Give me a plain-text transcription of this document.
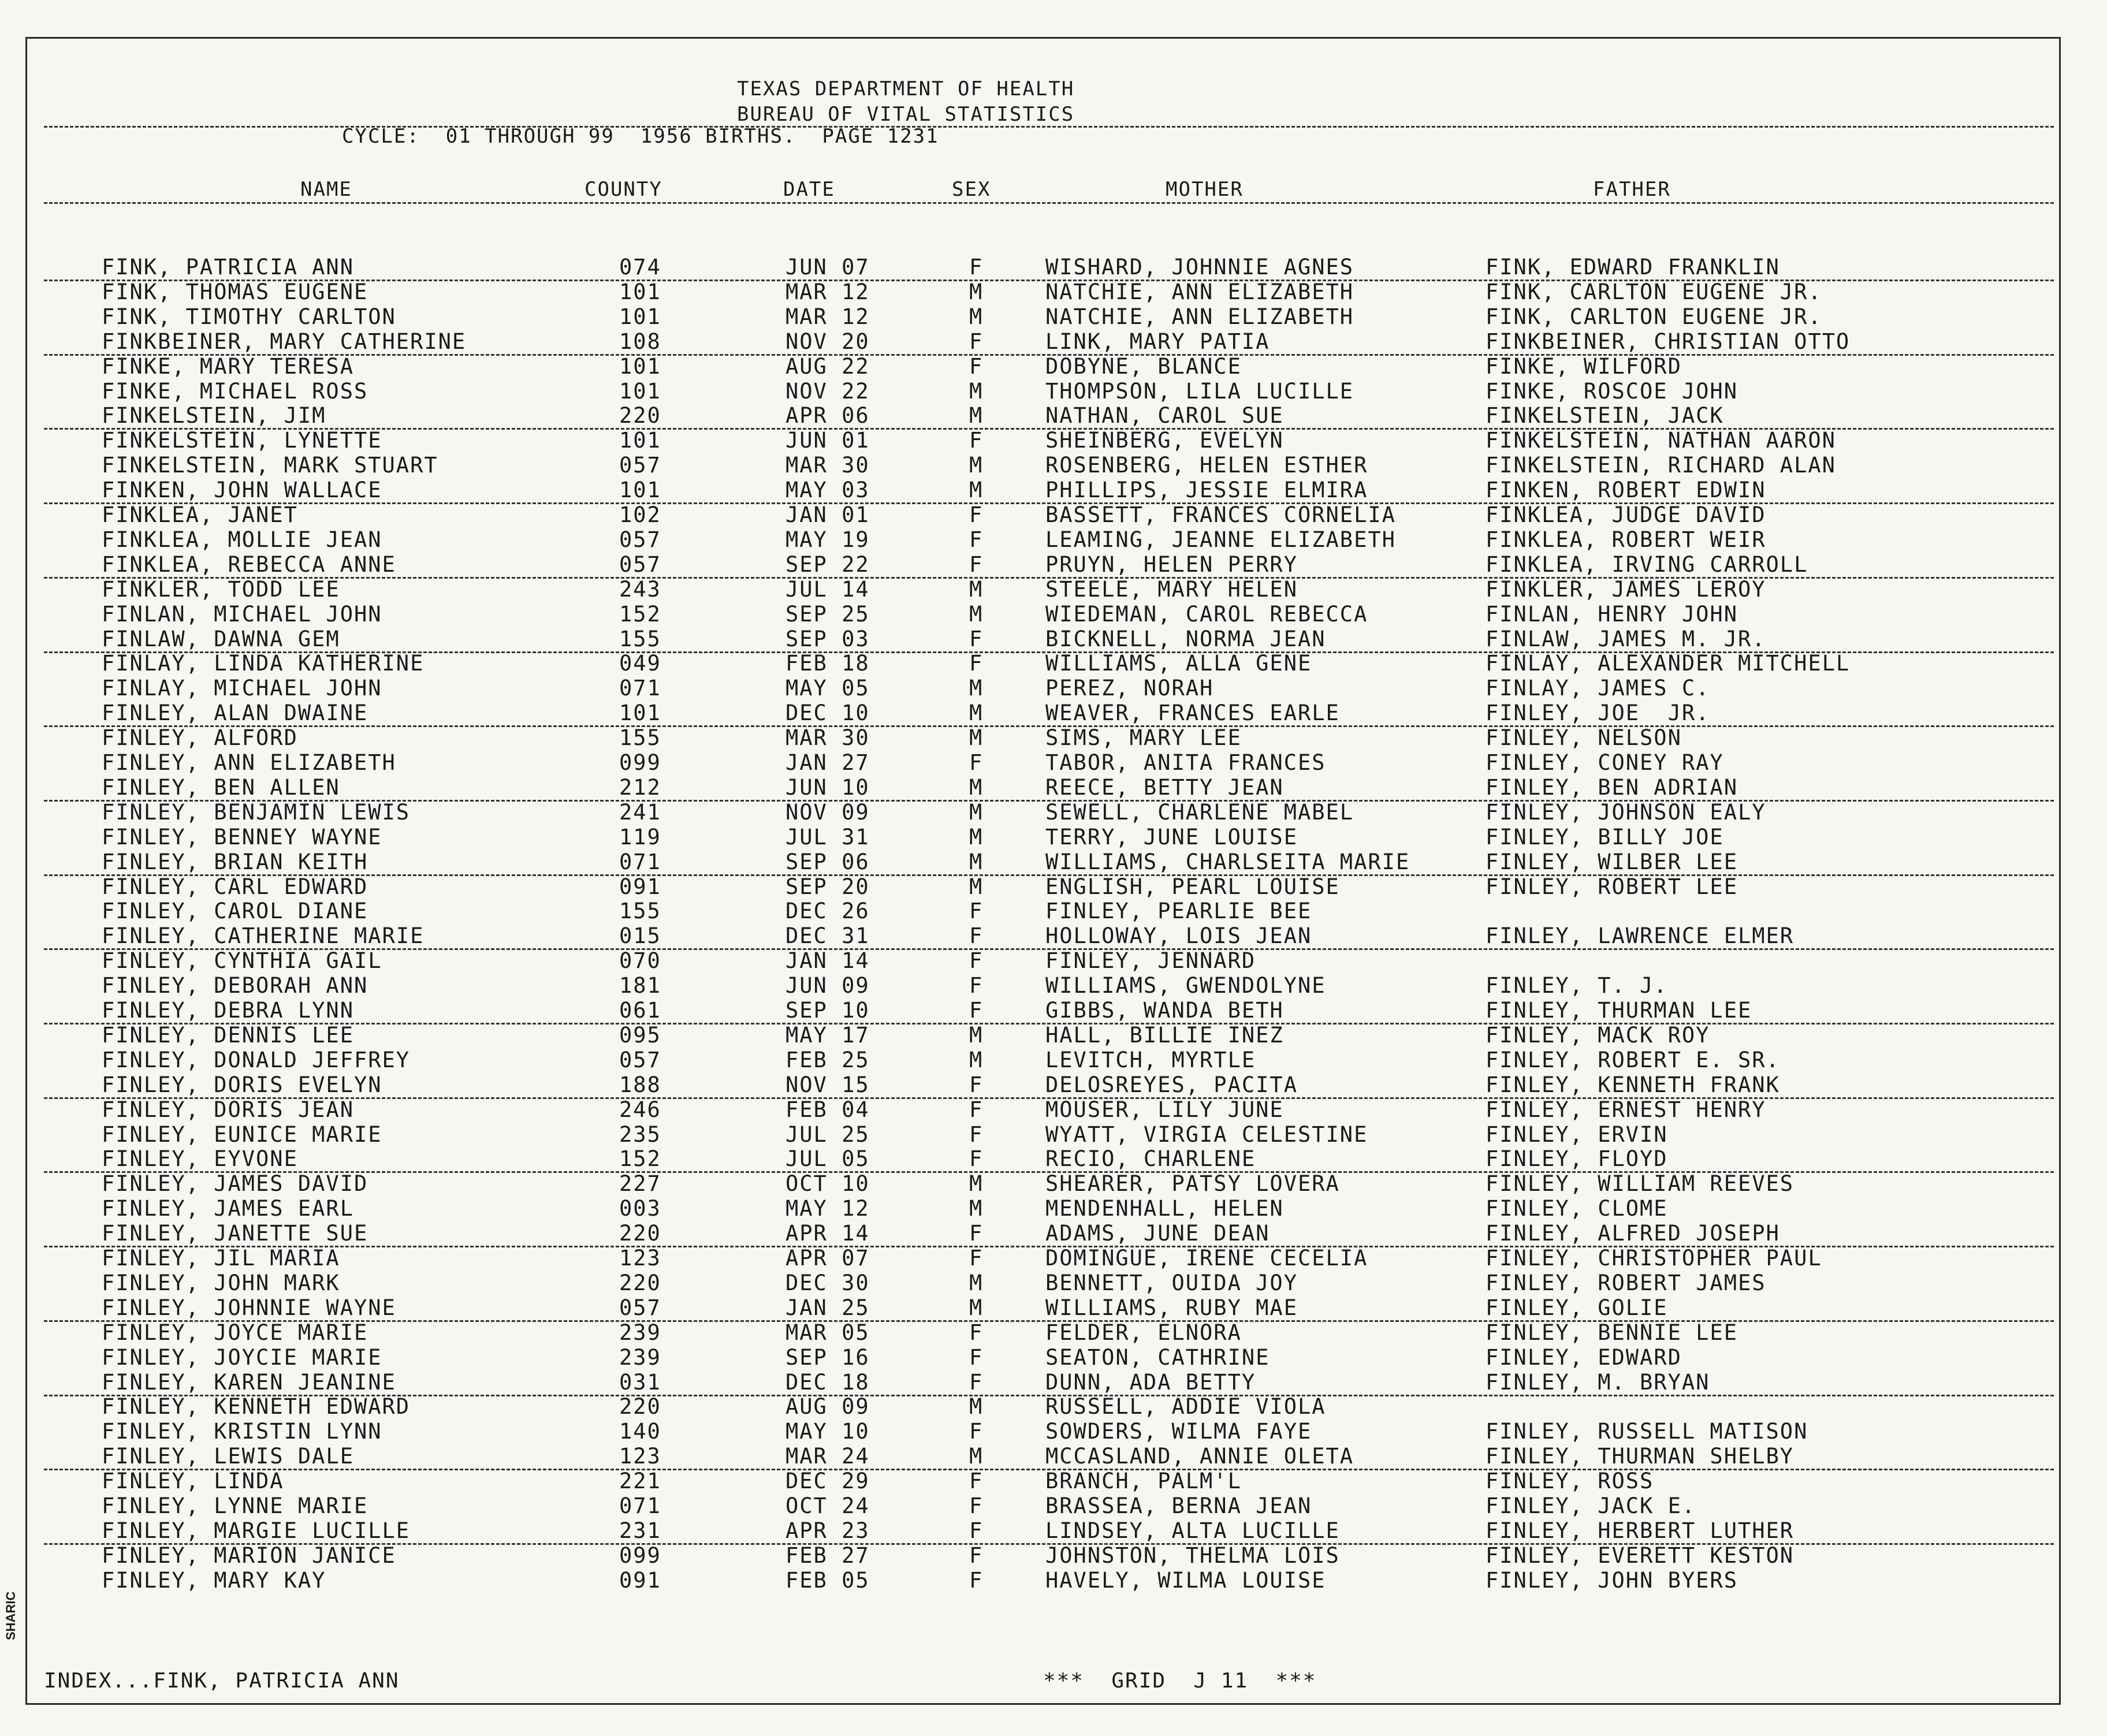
TEXAS DEPARTMENT OF HEALTH
BUREAU OF VITAL STATISTICS
CYCLE:  01 THROUGH 99  1956 BIRTHS.  PAGE 1231
NAME	COUNTY	DATE	SEX	MOTHER	FATHER
FINK, PATRICIA ANN	074	JUN 07	F	WISHARD, JOHNNIE AGNES	FINK, EDWARD FRANKLIN
FINK, THOMAS EUGENE	101	MAR 12	M	NATCHIE, ANN ELIZABETH	FINK, CARLTON EUGENE JR.
FINK, TIMOTHY CARLTON	101	MAR 12	M	NATCHIE, ANN ELIZABETH	FINK, CARLTON EUGENE JR.
FINKBEINER, MARY CATHERINE	108	NOV 20	F	LINK, MARY PATIA	FINKBEINER, CHRISTIAN OTTO
FINKE, MARY TERESA	101	AUG 22	F	DOBYNE, BLANCE	FINKE, WILFORD
FINKE, MICHAEL ROSS	101	NOV 22	M	THOMPSON, LILA LUCILLE	FINKE, ROSCOE JOHN
FINKELSTEIN, JIM	220	APR 06	M	NATHAN, CAROL SUE	FINKELSTEIN, JACK
FINKELSTEIN, LYNETTE	101	JUN 01	F	SHEINBERG, EVELYN	FINKELSTEIN, NATHAN AARON
FINKELSTEIN, MARK STUART	057	MAR 30	M	ROSENBERG, HELEN ESTHER	FINKELSTEIN, RICHARD ALAN
FINKEN, JOHN WALLACE	101	MAY 03	M	PHILLIPS, JESSIE ELMIRA	FINKEN, ROBERT EDWIN
FINKLEA, JANET	102	JAN 01	F	BASSETT, FRANCES CORNELIA	FINKLEA, JUDGE DAVID
FINKLEA, MOLLIE JEAN	057	MAY 19	F	LEAMING, JEANNE ELIZABETH	FINKLEA, ROBERT WEIR
FINKLEA, REBECCA ANNE	057	SEP 22	F	PRUYN, HELEN PERRY	FINKLEA, IRVING CARROLL
FINKLER, TODD LEE	243	JUL 14	M	STEELE, MARY HELEN	FINKLER, JAMES LEROY
FINLAN, MICHAEL JOHN	152	SEP 25	M	WIEDEMAN, CAROL REBECCA	FINLAN, HENRY JOHN
FINLAW, DAWNA GEM	155	SEP 03	F	BICKNELL, NORMA JEAN	FINLAW, JAMES M. JR.
FINLAY, LINDA KATHERINE	049	FEB 18	F	WILLIAMS, ALLA GENE	FINLAY, ALEXANDER MITCHELL
FINLAY, MICHAEL JOHN	071	MAY 05	M	PEREZ, NORAH	FINLAY, JAMES C.
FINLEY, ALAN DWAINE	101	DEC 10	M	WEAVER, FRANCES EARLE	FINLEY, JOE  JR.
FINLEY, ALFORD	155	MAR 30	M	SIMS, MARY LEE	FINLEY, NELSON
FINLEY, ANN ELIZABETH	099	JAN 27	F	TABOR, ANITA FRANCES	FINLEY, CONEY RAY
FINLEY, BEN ALLEN	212	JUN 10	M	REECE, BETTY JEAN	FINLEY, BEN ADRIAN
FINLEY, BENJAMIN LEWIS	241	NOV 09	M	SEWELL, CHARLENE MABEL	FINLEY, JOHNSON EALY
FINLEY, BENNEY WAYNE	119	JUL 31	M	TERRY, JUNE LOUISE	FINLEY, BILLY JOE
FINLEY, BRIAN KEITH	071	SEP 06	M	WILLIAMS, CHARLSEITA MARIE	FINLEY, WILBER LEE
FINLEY, CARL EDWARD	091	SEP 20	M	ENGLISH, PEARL LOUISE	FINLEY, ROBERT LEE
FINLEY, CAROL DIANE	155	DEC 26	F	FINLEY, PEARLIE BEE
FINLEY, CATHERINE MARIE	015	DEC 31	F	HOLLOWAY, LOIS JEAN	FINLEY, LAWRENCE ELMER
FINLEY, CYNTHIA GAIL	070	JAN 14	F	FINLEY, JENNARD
FINLEY, DEBORAH ANN	181	JUN 09	F	WILLIAMS, GWENDOLYNE	FINLEY, T. J.
FINLEY, DEBRA LYNN	061	SEP 10	F	GIBBS, WANDA BETH	FINLEY, THURMAN LEE
FINLEY, DENNIS LEE	095	MAY 17	M	HALL, BILLIE INEZ	FINLEY, MACK ROY
FINLEY, DONALD JEFFREY	057	FEB 25	M	LEVITCH, MYRTLE	FINLEY, ROBERT E. SR.
FINLEY, DORIS EVELYN	188	NOV 15	F	DELOSREYES, PACITA	FINLEY, KENNETH FRANK
FINLEY, DORIS JEAN	246	FEB 04	F	MOUSER, LILY JUNE	FINLEY, ERNEST HENRY
FINLEY, EUNICE MARIE	235	JUL 25	F	WYATT, VIRGIA CELESTINE	FINLEY, ERVIN
FINLEY, EYVONE	152	JUL 05	F	RECIO, CHARLENE	FINLEY, FLOYD
FINLEY, JAMES DAVID	227	OCT 10	M	SHEARER, PATSY LOVERA	FINLEY, WILLIAM REEVES
FINLEY, JAMES EARL	003	MAY 12	M	MENDENHALL, HELEN	FINLEY, CLOME
FINLEY, JANETTE SUE	220	APR 14	F	ADAMS, JUNE DEAN	FINLEY, ALFRED JOSEPH
FINLEY, JIL MARIA	123	APR 07	F	DOMINGUE, IRENE CECELIA	FINLEY, CHRISTOPHER PAUL
FINLEY, JOHN MARK	220	DEC 30	M	BENNETT, OUIDA JOY	FINLEY, ROBERT JAMES
FINLEY, JOHNNIE WAYNE	057	JAN 25	M	WILLIAMS, RUBY MAE	FINLEY, GOLIE
FINLEY, JOYCE MARIE	239	MAR 05	F	FELDER, ELNORA	FINLEY, BENNIE LEE
FINLEY, JOYCIE MARIE	239	SEP 16	F	SEATON, CATHRINE	FINLEY, EDWARD
FINLEY, KAREN JEANINE	031	DEC 18	F	DUNN, ADA BETTY	FINLEY, M. BRYAN
FINLEY, KENNETH EDWARD	220	AUG 09	M	RUSSELL, ADDIE VIOLA
FINLEY, KRISTIN LYNN	140	MAY 10	F	SOWDERS, WILMA FAYE	FINLEY, RUSSELL MATISON
FINLEY, LEWIS DALE	123	MAR 24	M	MCCASLAND, ANNIE OLETA	FINLEY, THURMAN SHELBY
FINLEY, LINDA	221	DEC 29	F	BRANCH, PALM'L	FINLEY, ROSS
FINLEY, LYNNE MARIE	071	OCT 24	F	BRASSEA, BERNA JEAN	FINLEY, JACK E.
FINLEY, MARGIE LUCILLE	231	APR 23	F	LINDSEY, ALTA LUCILLE	FINLEY, HERBERT LUTHER
FINLEY, MARION JANICE	099	FEB 27	F	JOHNSTON, THELMA LOIS	FINLEY, EVERETT KESTON
FINLEY, MARY KAY	091	FEB 05	F	HAVELY, WILMA LOUISE	FINLEY, JOHN BYERS
INDEX...FINK, PATRICIA ANN	***  GRID  J 11  ***
SHARIC
